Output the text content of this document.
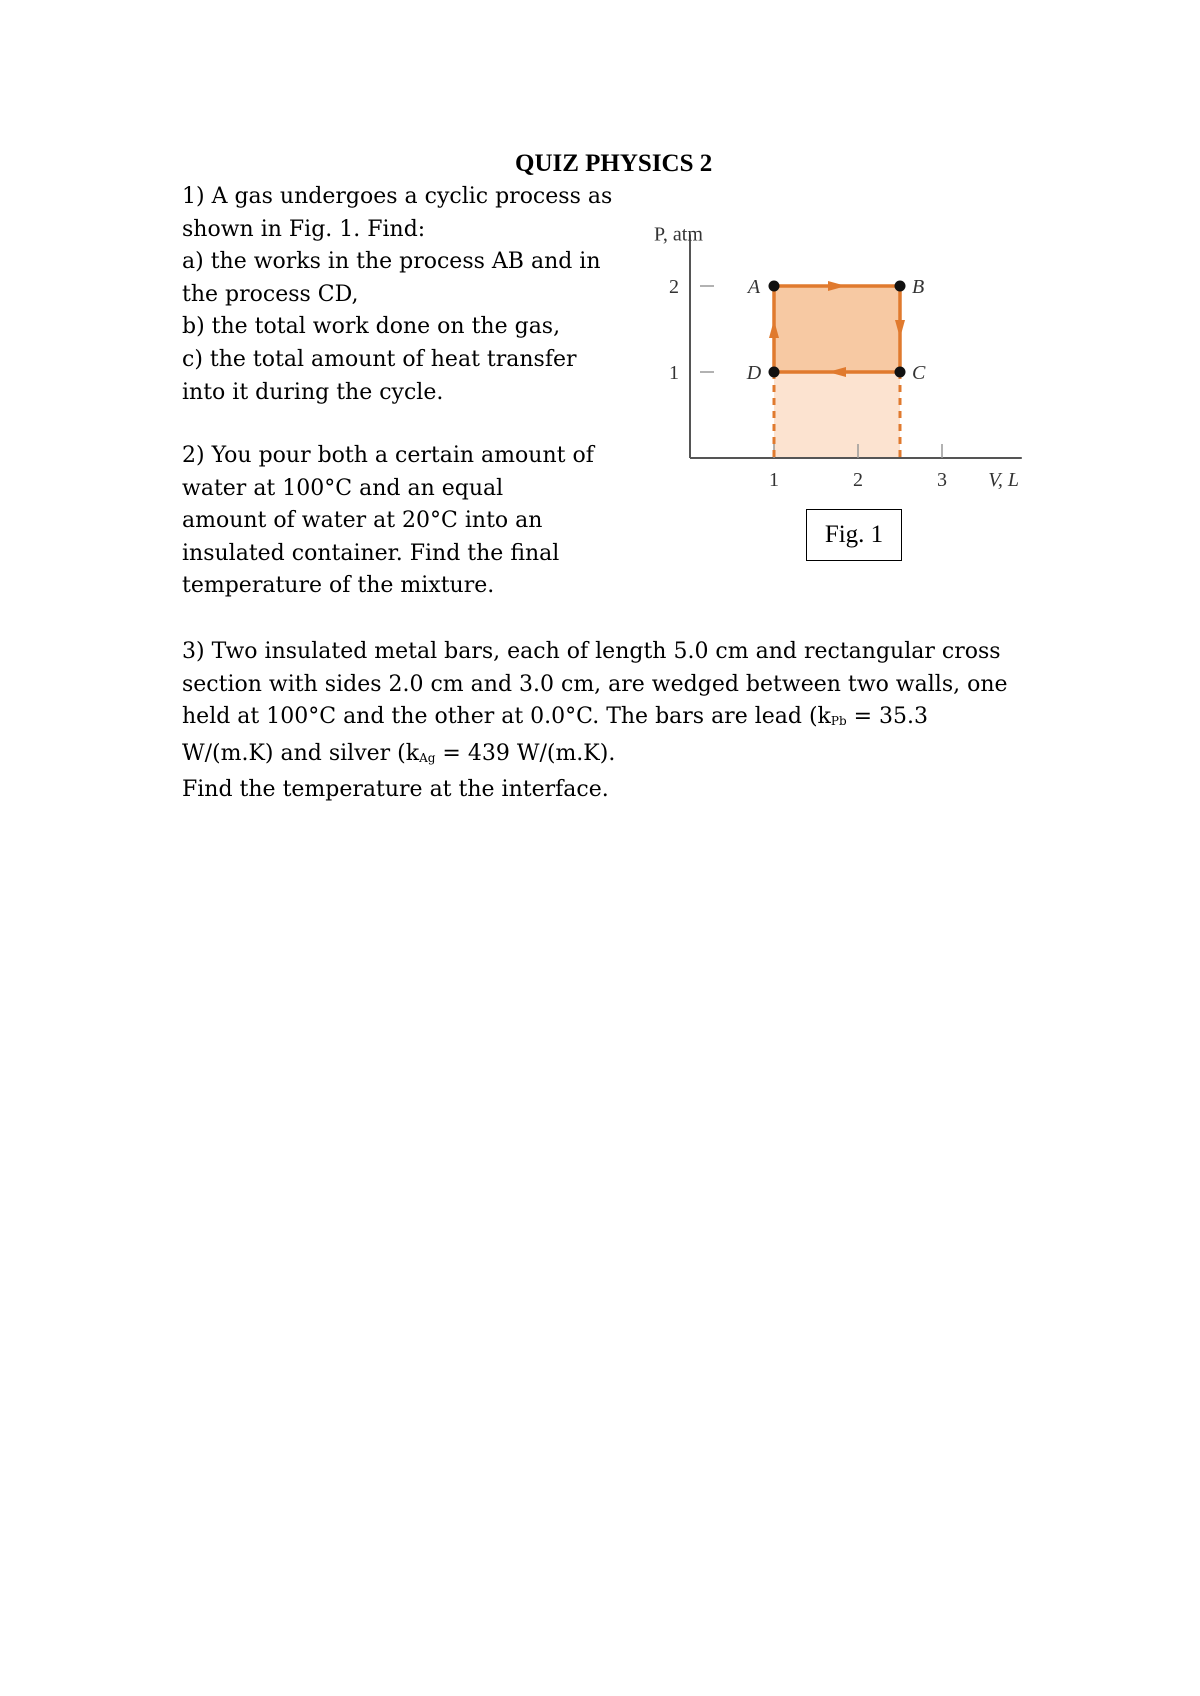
QUIZ PHYSICS 2
1) A gas undergoes a cyclic process as
shown in Fig. 1. Find:
a) the works in the process AB and in
the process CD,
b) the total work done on the gas,
c) the total amount of heat transfer
into it during the cycle.
2) You pour both a certain amount of
water at 100°C and an equal
amount of water at 20°C into an
insulated container. Find the final
temperature of the mixture.
3) Two insulated metal bars, each of length 5.0 cm and rectangular cross
section with sides 2.0 cm and 3.0 cm, are wedged between two walls, one
held at 100°C and the other at 0.0°C. The bars are lead (kPb = 35.3
W/(m.K) and silver (kAg = 439 W/(m.K).
Find the temperature at the interface.
1
2
1	2	3
P, atm
V, L
A	B
C
D
Fig. 1
